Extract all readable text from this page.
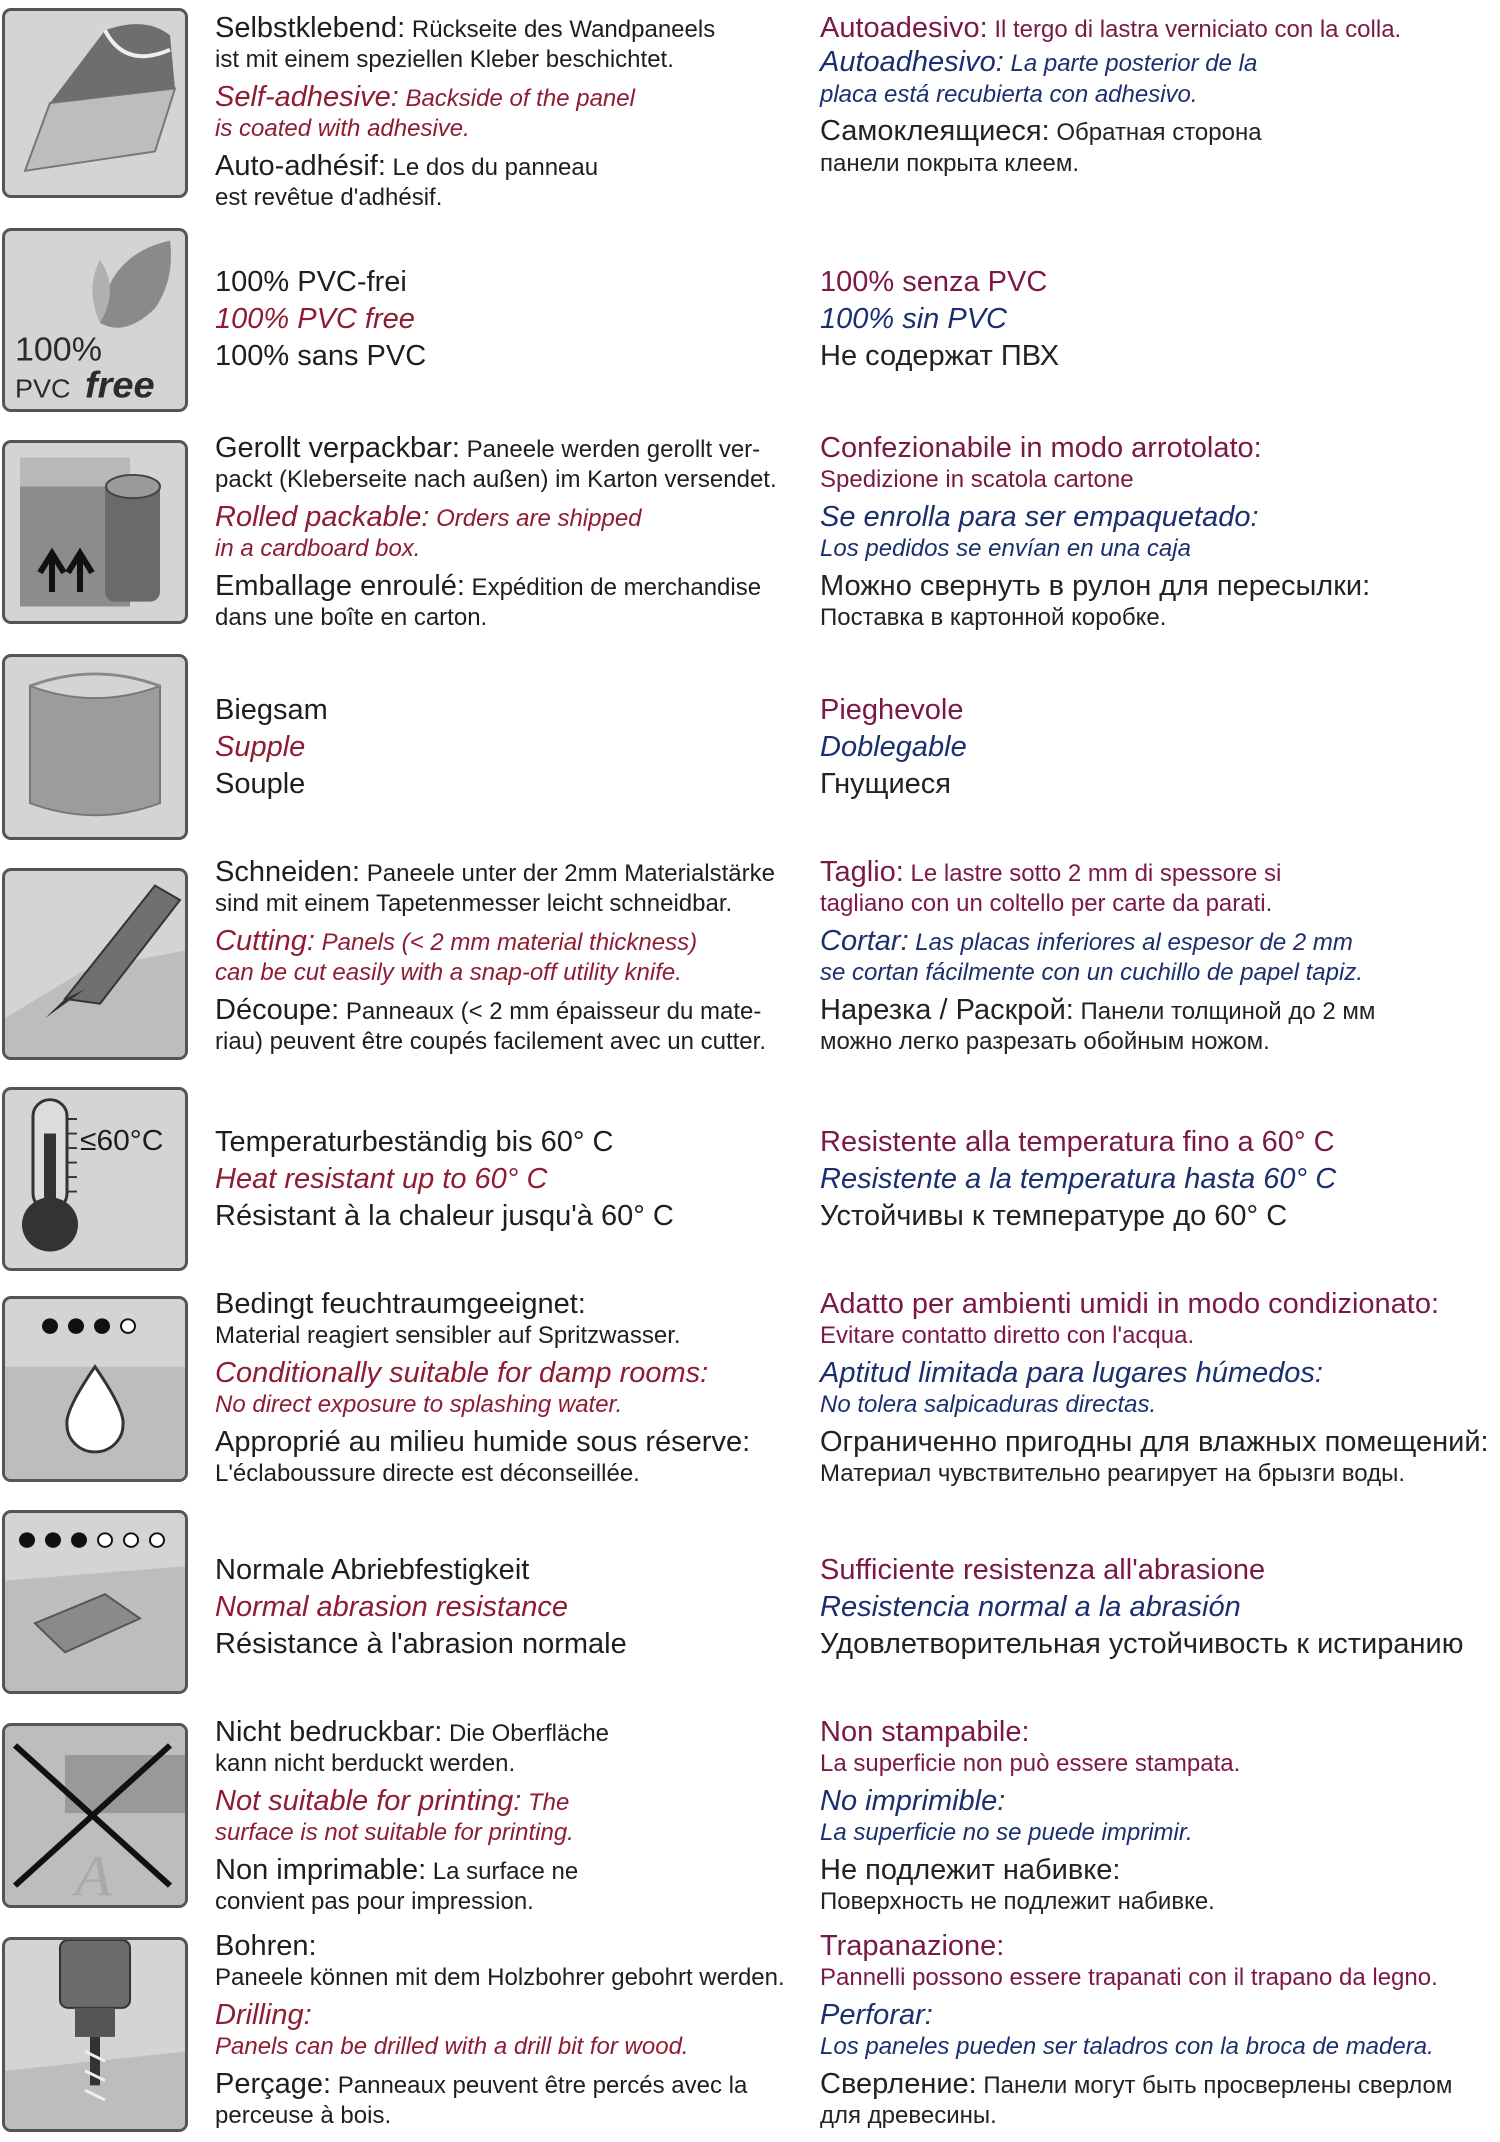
Selbstklebend: Rückseite des Wandpaneels
ist mit einem speziellen Kleber beschichtet.
Self-adhesive: Backside of the panel
is coated with adhesive.
Auto-adhésif: Le dos du panneau
est revêtue d'adhésif.
Autoadesivo: Il tergo di lastra verniciato con la colla.
Autoadhesivo: La parte posterior de la
placa está recubierta con adhesivo.
Самоклеящиеся: Обратная сторона
панели покрыта клеем.
100%
PVC free
100% PVC-frei
100% PVC free
100% sans PVC
100% senza PVC
100% sin PVC
Не содержат ПВХ
Gerollt verpackbar: Paneele werden gerollt ver-
packt (Kleberseite nach außen) im Karton versendet.
Rolled packable: Orders are shipped
in a cardboard box.
Emballage enroulé: Expédition de merchandise
dans une boîte en carton.
Confezionabile in modo arrotolato:
Spedizione in scatola cartone
Se enrolla para ser empaquetado:
Los pedidos se envían en una caja
Можно свернуть в рулон для пересылки:
Поставка в картонной коробке.
Biegsam
Supple
Souple
Pieghevole
Doblegable
Гнущиеся
Schneiden: Paneele unter der 2mm Materialstärke
sind mit einem Tapetenmesser leicht schneidbar.
Cutting: Panels (< 2 mm material thickness)
can be cut easily with a snap-off utility knife.
Découpe: Panneaux (< 2 mm épaisseur du mate-
riau) peuvent être coupés facilement avec un cutter.
Taglio: Le lastre sotto 2 mm di spessore si
tagliano con un coltello per carte da parati.
Cortar: Las placas inferiores al espesor de 2 mm
se cortan fácilmente con un cuchillo de papel tapiz.
Нарезка / Раскрой: Панели толщиной до 2 мм
можно легко разрезать обойным ножом.
≤60°C Temperaturbeständig bis 60° C
Heat resistant up to 60° C
Résistant à la chaleur jusqu'à 60° C
Resistente alla temperatura fino a 60° C
Resistente a la temperatura hasta 60° C
Устойчивы к температуре до 60° C
Bedingt feuchtraumgeeignet:
Material reagiert sensibler auf Spritzwasser.
Conditionally suitable for damp rooms:
No direct exposure to splashing water.
Approprié au milieu humide sous réserve:
L'éclaboussure directe est déconseillée.
Adatto per ambienti umidi in modo condizionato:
Evitare contatto diretto con l'acqua.
Aptitud limitada para lugares húmedos:
No tolera salpicaduras directas.
Ограниченно пригодны для влажных помещений:
Материал чувствительно реагирует на брызги воды.
Normale Abriebfestigkeit
Normal abrasion resistance
Résistance à l'abrasion normale
Sufficiente resistenza all'abrasione
Resistencia normal a la abrasión
Удовлетворительная устойчивость к истиранию
A
Nicht bedruckbar: Die Oberfläche
kann nicht berduckt werden.
Not suitable for printing: The
surface is not suitable for printing.
Non imprimable: La surface ne
convient pas pour impression.
Non stampabile:
La superficie non può essere stampata.
No imprimible:
La superficie no se puede imprimir.
Не подлежит набивке:
Поверхность не подлежит набивке.
Bohren:
Paneele können mit dem Holzbohrer gebohrt werden.
Drilling:
Panels can be drilled with a drill bit for wood.
Perçage: Panneaux peuvent être percés avec la
perceuse à bois.
Trapanazione:
Pannelli possono essere trapanati con il trapano da legno.
Perforar:
Los paneles pueden ser taladros con la broca de madera.
Сверление: Панели могут быть просверлены сверлом
для древесины.
